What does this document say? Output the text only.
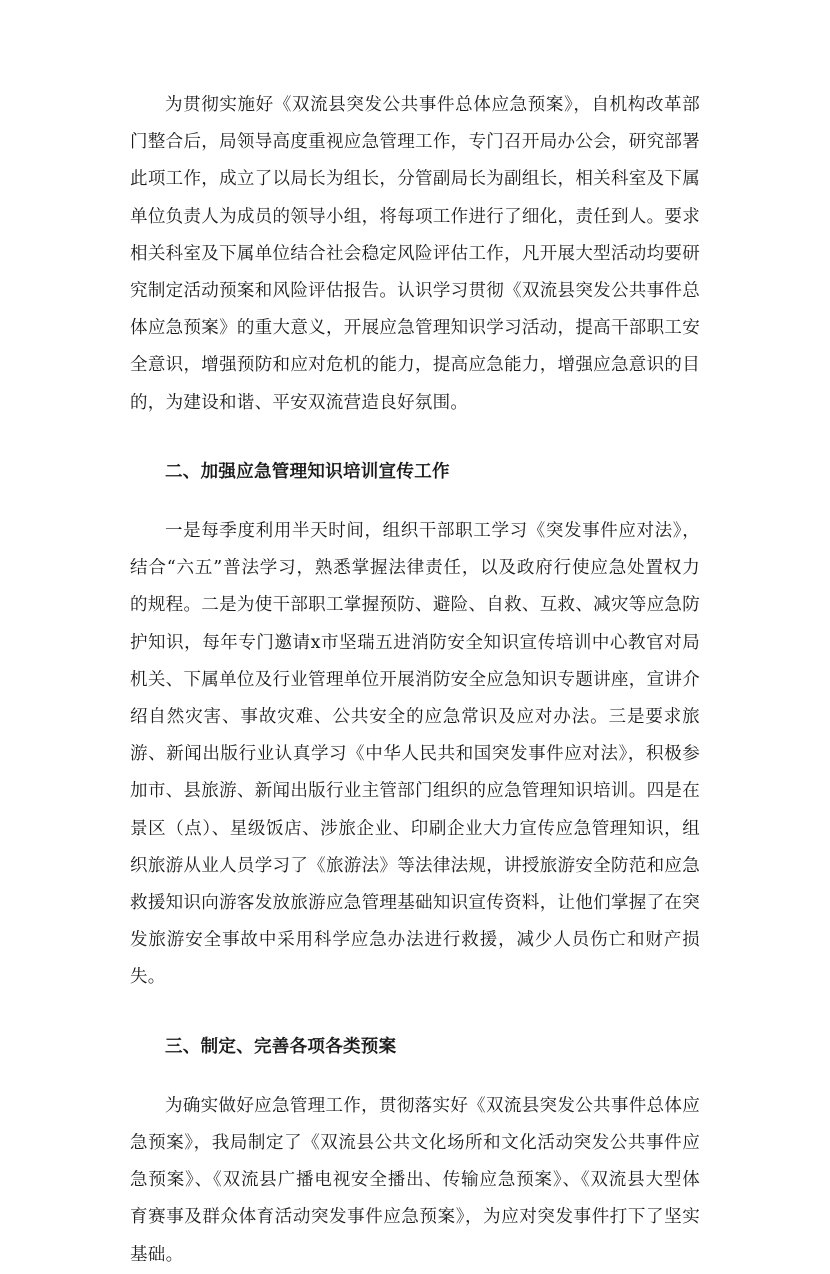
为贯彻实施好《双流县突发公共事件总体应急预案》，自机构改革部门整合后，局领导高度重视应急管理工作，专门召开局办公会，研究部署此项工作，成立了以局长为组长，分管副局长为副组长，相关科室及下属单位负责人为成员的领导小组，将每项工作进行了细化，责任到人。要求相关科室及下属单位结合社会稳定风险评估工作，凡开展大型活动均要研究制定活动预案和风险评估报告。认识学习贯彻《双流县突发公共事件总体应急预案》的重大意义，开展应急管理知识学习活动，提高干部职工安全意识，增强预防和应对危机的能力，提高应急能力，增强应急意识的目的，为建设和谐、平安双流营造良好氛围。

二、加强应急管理知识培训宣传工作

一是每季度利用半天时间，组织干部职工学习《突发事件应对法》，结合“六五”普法学习，熟悉掌握法律责任，以及政府行使应急处置权力的规程。二是为使干部职工掌握预防、避险、自救、互救、减灾等应急防护知识，每年专门邀请x市坚瑞五进消防安全知识宣传培训中心教官对局机关、下属单位及行业管理单位开展消防安全应急知识专题讲座，宣讲介绍自然灾害、事故灾难、公共安全的应急常识及应对办法。三是要求旅游、新闻出版行业认真学习《中华人民共和国突发事件应对法》，积极参加市、县旅游、新闻出版行业主管部门组织的应急管理知识培训。四是在景区（点）、星级饭店、涉旅企业、印刷企业大力宣传应急管理知识，组织旅游从业人员学习了《旅游法》等法律法规，讲授旅游安全防范和应急救援知识向游客发放旅游应急管理基础知识宣传资料，让他们掌握了在突发旅游安全事故中采用科学应急办法进行救援，减少人员伤亡和财产损失。

三、制定、完善各项各类预案

为确实做好应急管理工作，贯彻落实好《双流县突发公共事件总体应急预案》，我局制定了《双流县公共文化场所和文化活动突发公共事件应急预案》、《双流县广播电视安全播出、传输应急预案》、《双流县大型体育赛事及群众体育活动突发事件应急预案》，为应对突发事件打下了坚实基础。
